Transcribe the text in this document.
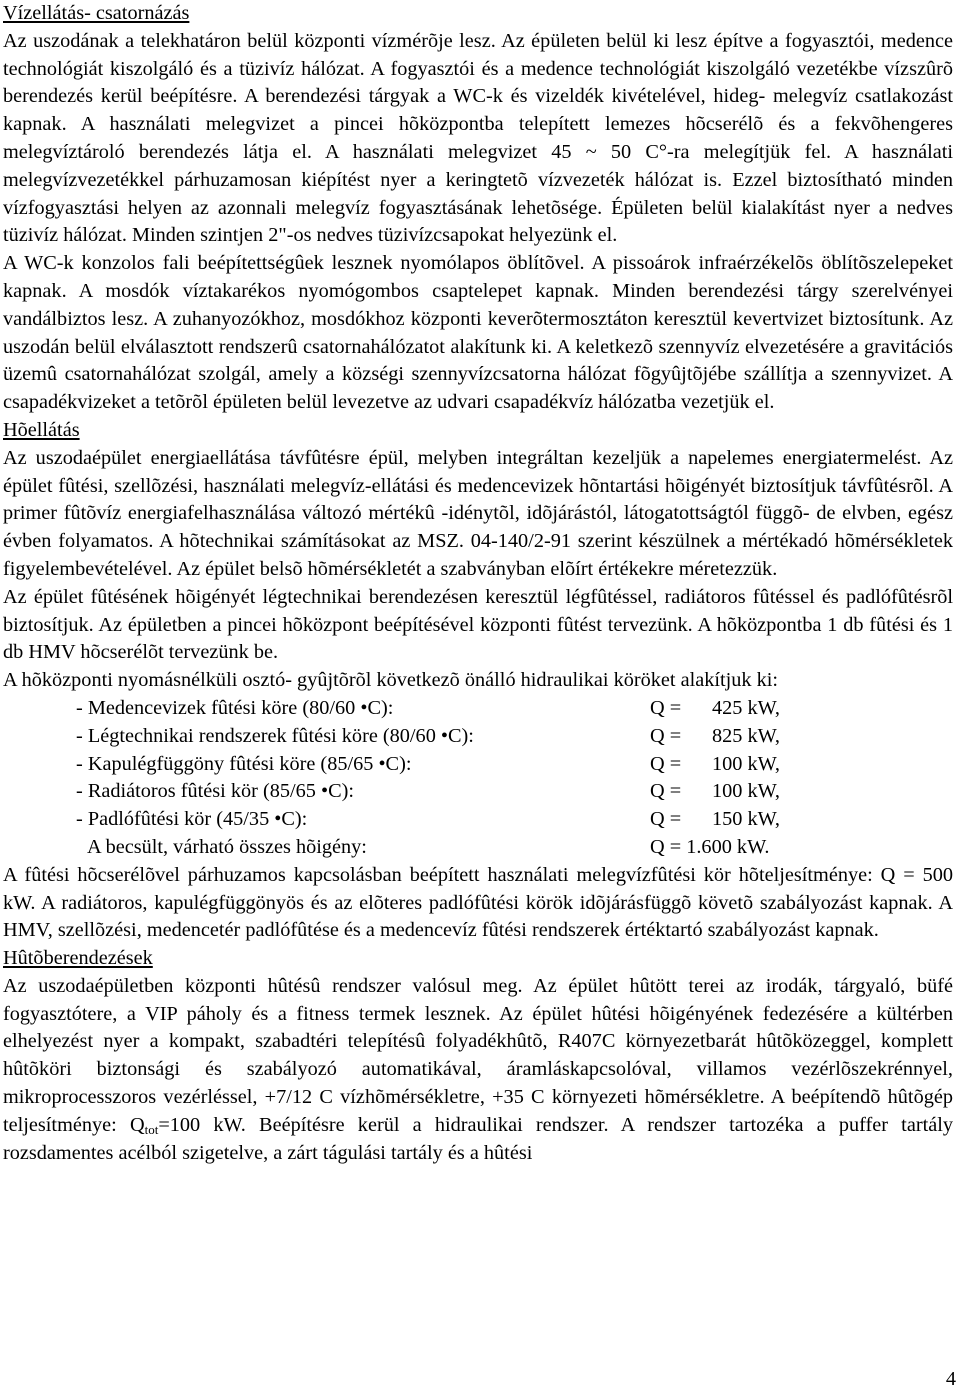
Vízellátás- csatornázás

Az uszodának a telekhatáron belül központi vízmérõje lesz. Az épületen belül ki lesz építve a fogyasztói, medence technológiát kiszolgáló és a tüzivíz hálózat. A fogyasztói és a medence technológiát kiszolgáló vezetékbe vízszûrõ berendezés kerül beépítésre. A berendezési tárgyak a WC-k és vizeldék kivételével, hideg- melegvíz csatlakozást kapnak. A használati melegvizet a pincei hõközpontba telepített lemezes hõcserélõ és a fekvõhengeres melegvíztároló berendezés látja el. A használati melegvizet 45 ~ 50 C°-ra melegítjük fel. A használati melegvízvezetékkel párhuzamosan kiépítést nyer a keringtetõ vízvezeték hálózat is. Ezzel biztosítható minden vízfogyasztási helyen az azonnali melegvíz fogyasztásának lehetõsége. Épületen belül kialakítást nyer a nedves tüzivíz hálózat. Minden szintjen 2"-os nedves tüzivízcsapokat helyezünk el.

A WC-k konzolos fali beépítettségûek lesznek nyomólapos öblítõvel. A pissoárok infraérzékelõs öblítõszelepeket kapnak. A mosdók víztakarékos nyomógombos csaptelepet kapnak. Minden berendezési tárgy szerelvényei vandálbiztos lesz. A zuhanyozókhoz, mosdókhoz központi keverõtermosztáton keresztül kevertvizet biztosítunk. Az uszodán belül elválasztott rendszerû csatornahálózatot alakítunk ki. A keletkezõ szennyvíz elvezetésére a gravitációs üzemû csatornahálózat szolgál, amely a községi szennyvízcsatorna hálózat fõgyûjtõjébe szállítja a szennyvizet. A csapadékvizeket a tetõrõl épületen belül levezetve az udvari csapadékvíz hálózatba vezetjük el.

Hõellátás

Az uszodaépület energiaellátása távfûtésre épül, melyben integráltan kezeljük a napelemes energiatermelést. Az épület fûtési, szellõzési, használati melegvíz-ellátási és medencevizek hõntartási hõigényét biztosítjuk távfûtésrõl. A primer fûtõvíz energiafelhasználása változó mértékû -idénytõl, idõjárástól, látogatottságtól függõ- de elvben, egész évben folyamatos. A hõtechnikai számításokat az MSZ. 04-140/2-91 szerint készülnek a mértékadó hõmérsékletek figyelembevételével. Az épület belsõ hõmérsékletét a szabványban elõírt értékekre méretezzük.

Az épület fûtésének hõigényét légtechnikai berendezésen keresztül légfûtéssel, radiátoros fûtéssel és padlófûtésrõl biztosítjuk. Az épületben a pincei hõközpont beépítésével központi fûtést tervezünk. A hõközpontba 1 db fûtési és 1 db HMV hõcserélõt tervezünk be.

A hõközponti nyomásnélküli osztó- gyûjtõrõl következõ önálló hidraulikai köröket alakítjuk ki:

- Medencevizek fûtési köre (80/60 •C):	Q = 425 kW,
- Légtechnikai rendszerek fûtési köre (80/60 •C):	Q = 825 kW,
- Kapulégfüggöny fûtési köre (85/65 •C):	Q = 100 kW,
- Radiátoros fûtési kör (85/65 •C):	Q = 100 kW,
- Padlófûtési kör (45/35 •C):	Q =	150 kW,
A becsült, várható összes hõigény:	Q = 1.600 kW.

A fûtési hõcserélõvel párhuzamos kapcsolásban beépített használati melegvízfûtési kör hõteljesítménye: Q = 500 kW. A radiátoros, kapulégfüggönyös és az elõteres padlófûtési körök idõjárásfüggõ követõ szabályozást kapnak. A HMV, szellõzési, medencetér padlófûtése és a medencevíz fûtési rendszerek értéktartó szabályozást kapnak.

Hûtõberendezések

Az uszodaépületben központi hûtésû rendszer valósul meg. Az épület hûtött terei az irodák, tárgyaló, büfé fogyasztótere, a VIP páholy és a fitness termek lesznek. Az épület hûtési hõigényének fedezésére a kültérben elhelyezést nyer a kompakt, szabadtéri telepítésû folyadékhûtõ, R407C környezetbarát hûtõközeggel, komplett hûtõköri biztonsági és szabályozó automatikával, áramláskapcsolóval, villamos vezérlõszekrénnyel, mikroprocesszoros vezérléssel, +7/12 C vízhõmérsékletre, +35 C környezeti hõmérsékletre. A beépítendõ hûtõgép teljesítménye: $Q_{tot}=100$ kW. Beépítésre kerül a hidraulikai rendszer. A rendszer tartozéka a puffer tartály rozsdamentes acélból szigetelve, a zárt tágulási tartály és a hûtési

4
